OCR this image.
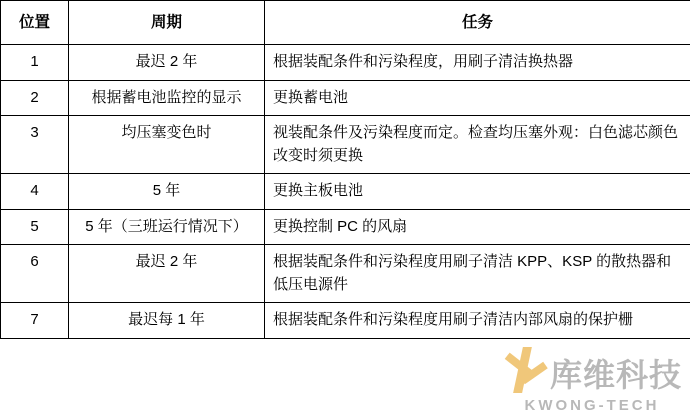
位置	周期	任务
1	最迟 2 年	根据装配条件和污染程度，用刷子清洁换热器
2	根据蓄电池监控的显示	更换蓄电池
3	均压塞变色时	视装配条件及污染程度而定。检查均压塞外观：白色滤芯颜色改变时须更换
4	5 年	更换主板电池
5	5 年（三班运行情况下）	更换控制 PC 的风扇
6	最迟 2 年	根据装配条件和污染程度用刷子清洁 KPP、KSP 的散热器和低压电源件
7	最迟每 1 年	根据装配条件和污染程度用刷子清洁内部风扇的保护栅
库维科技
KWONG-TECH
